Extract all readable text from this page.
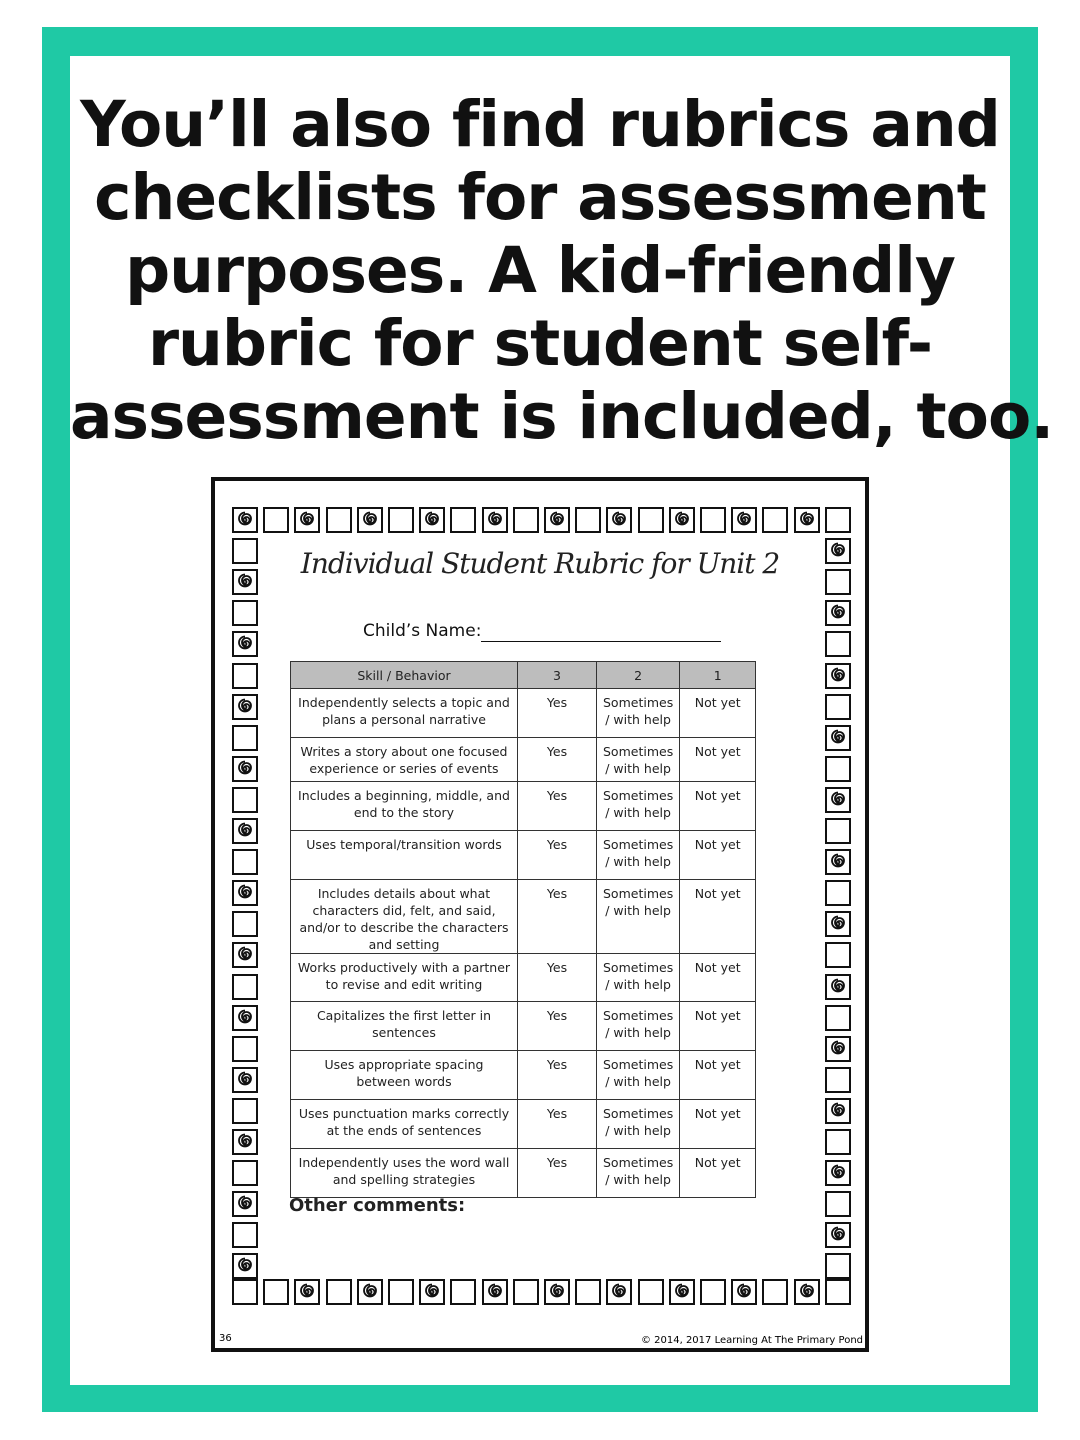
You’ll also find rubrics and
checklists for assessment
purposes. A kid-friendly
rubric for student self-
assessment is included, too.
Individual Student Rubric for Unit 2
Child’s Name:
Skill / Behavior	3	2	1
Independently selects a topic and plans a personal narrative	Yes	Sometimes / with help	Not yet
Writes a story about one focused experience or series of events	Yes	Sometimes / with help	Not yet
Includes a beginning, middle, and end to the story	Yes	Sometimes / with help	Not yet
Uses temporal/transition words	Yes	Sometimes / with help	Not yet
Includes details about what characters did, felt, and said, and/or to describe the characters and setting	Yes	Sometimes / with help	Not yet
Works productively with a partner to revise and edit writing	Yes	Sometimes / with help	Not yet
Capitalizes the first letter in sentences	Yes	Sometimes / with help	Not yet
Uses appropriate spacing between words	Yes	Sometimes / with help	Not yet
Uses punctuation marks correctly at the ends of sentences	Yes	Sometimes / with help	Not yet
Independently uses the word wall and spelling strategies	Yes	Sometimes / with help	Not yet
Other comments:
36	© 2014, 2017 Learning At The Primary Pond
